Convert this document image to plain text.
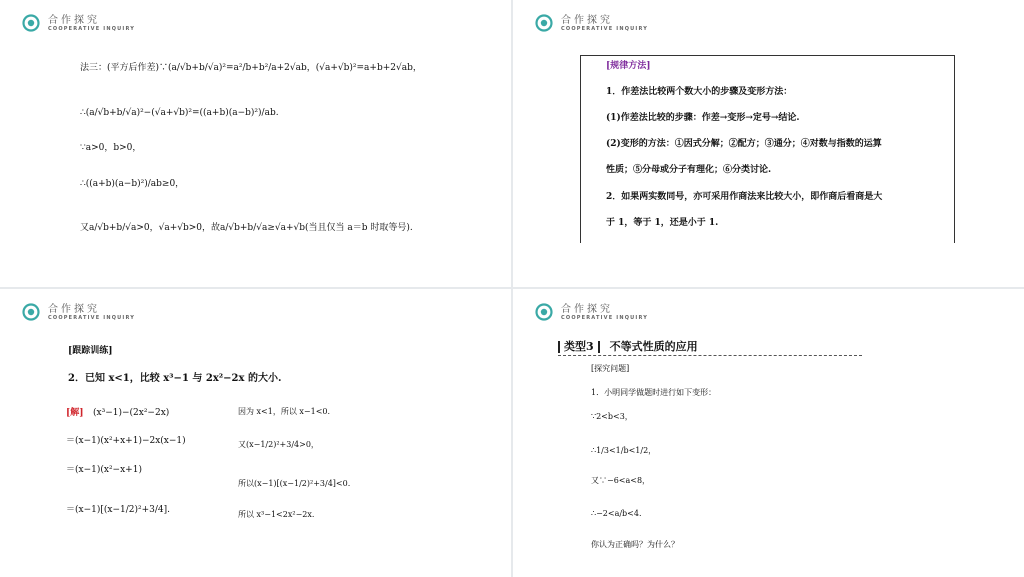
合作探究
COOPERATIVE INQUIRY
法三：(平方后作差)∵(a/√b+b/√a)²=a²/b+b²/a+2√ab，(√a+√b)²=a+b+2√ab，
∴(a/√b+b/√a)²−(√a+√b)²=((a+b)(a−b)²)/ab.
∵a>0，b>0，
∴((a+b)(a−b)²)/ab≥0，
又a/√b+b/√a>0，√a+√b>0，故a/√b+b/√a≥√a+√b(当且仅当 a＝b 时取等号).
合作探究
COOPERATIVE INQUIRY
[规律方法]
1．作差法比较两个数大小的步骤及变形方法：
(1)作差法比较的步骤：作差→变形→定号→结论.
(2)变形的方法：①因式分解；②配方；③通分；④对数与指数的运算
性质；⑤分母或分子有理化；⑥分类讨论.
2．如果两实数同号，亦可采用作商法来比较大小，即作商后看商是大
于 1，等于 1，还是小于 1.
合作探究
COOPERATIVE INQUIRY
[跟踪训练]
2．已知 x<1，比较 x³−1 与 2x²−2x 的大小.
[解] (x³−1)−(2x²−2x)
＝(x−1)(x²+x+1)−2x(x−1)
＝(x−1)(x²−x+1)
＝(x−1)[(x−1/2)²+3/4].
因为 x<1，所以 x−1<0.
又(x−1/2)²+3/4>0，
所以(x−1)[(x−1/2)²+3/4]<0.
所以 x³−1<2x²−2x.
合作探究
COOPERATIVE INQUIRY
类型3 不等式性质的应用
[探究问题]
1．小明同学做题时进行如下变形：
∵2<b<3，
∴1/3<1/b<1/2，
又∵−6<a<8，
∴−2<a/b<4.
你认为正确吗？为什么？
